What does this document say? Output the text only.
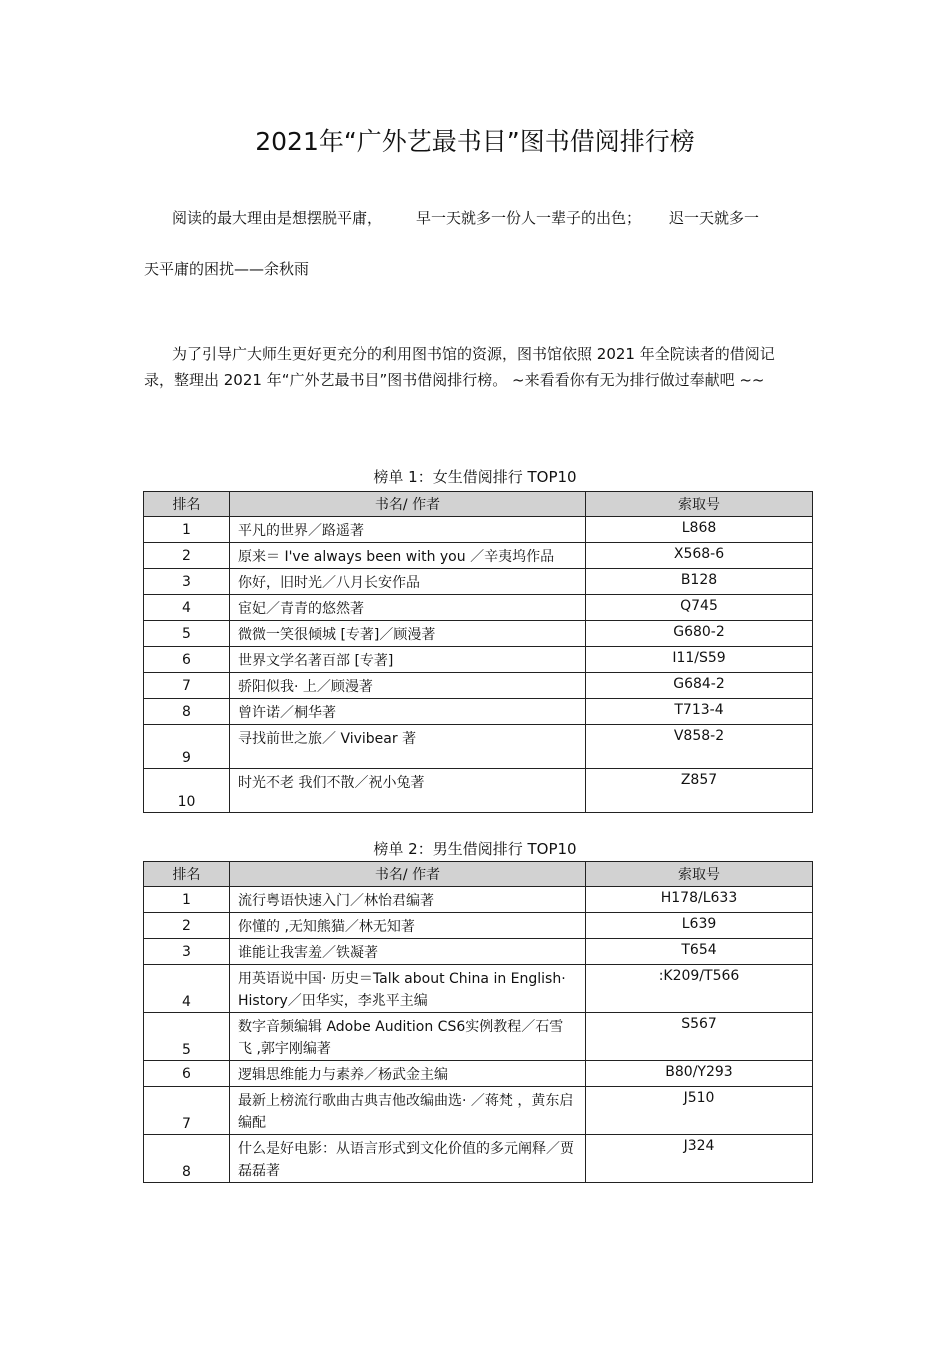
2021年“广外艺最书目”图书借阅排行榜
阅读的最大理由是想摆脱平庸， 早一天就多一份人一辈子的出色； 迟一天就多一
天平庸的困扰——余秋雨
为了引导广大师生更好更充分的利用图书馆的资源，图书馆依照 2021 年全院读者的借阅记录，整理出 2021 年“广外艺最书目”图书借阅排行榜。 ~来看看你有无为排行做过奉献吧 ~~
榜单 1：女生借阅排行 TOP10
排名	书名/ 作者	索取号
1	平凡的世界／路遥著	L868
2	原来＝ I've always been with you ／辛夷坞作品	X568-6
3	你好，旧时光／八月长安作品	B128
4	宦妃／青青的悠然著	Q745
5	微微一笑很倾城 [专著]／顾漫著	G680-2
6	世界文学名著百部 [专著]	I11/S59
7	骄阳似我· 上／顾漫著	G684-2
8	曾许诺／桐华著	T713-4
9	寻找前世之旅／ Vivibear 著	V858-2
10	时光不老 我们不散／祝小兔著	Z857
榜单 2：男生借阅排行 TOP10
排名	书名/ 作者	索取号
1	流行粤语快速入门／林怡君编著	H178/L633
2	你懂的 ,无知熊猫／林无知著	L639
3	谁能让我害羞／铁凝著	T654
4	用英语说中国· 历史＝Talk about China in English· History／田华实，李兆平主编	:K209/T566
5	数字音频编辑 Adobe Audition CS6实例教程／石雪飞 ,郭宇刚编著	S567
6	逻辑思维能力与素养／杨武金主编	B80/Y293
7	最新上榜流行歌曲古典吉他改编曲选· ／蒋梵 ，黄东启编配	J510
8	什么是好电影：从语言形式到文化价值的多元阐释／贾磊磊著	J324
